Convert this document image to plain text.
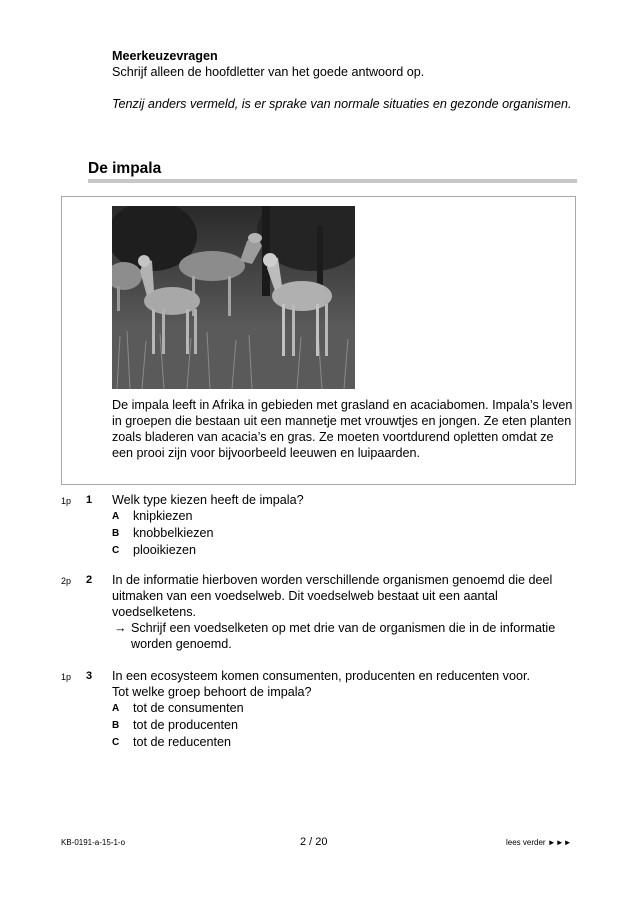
Meerkeuzevragen
Schrijf alleen de hoofdletter van het goede antwoord op.
Tenzij anders vermeld, is er sprake van normale situaties en gezonde organismen.
De impala
De impala leeft in Afrika in gebieden met grasland en acaciabomen. Impala’s leven in groepen die bestaan uit een mannetje met vrouwtjes en jongen. Ze eten planten zoals bladeren van acacia’s en gras. Ze moeten voortdurend opletten omdat ze een prooi zijn voor bijvoorbeeld leeuwen en luipaarden.
1p 1 Welk type kiezen heeft de impala?
A	knipkiezen
B	knobbelkiezen
C	plooikiezen
2p 2 In de informatie hierboven worden verschillende organismen genoemd die deel uitmaken van een voedselweb. Dit voedselweb bestaat uit een aantal voedselketens.
→ Schrijf een voedselketen op met drie van de organismen die in de informatie worden genoemd.
1p 3 In een ecosysteem komen consumenten, producenten en reducenten voor.
Tot welke groep behoort de impala?
A	tot de consumenten
B	tot de producenten
C	tot de reducenten
KB-0191-a-15-1-o	2 / 20	lees verder ►►►
